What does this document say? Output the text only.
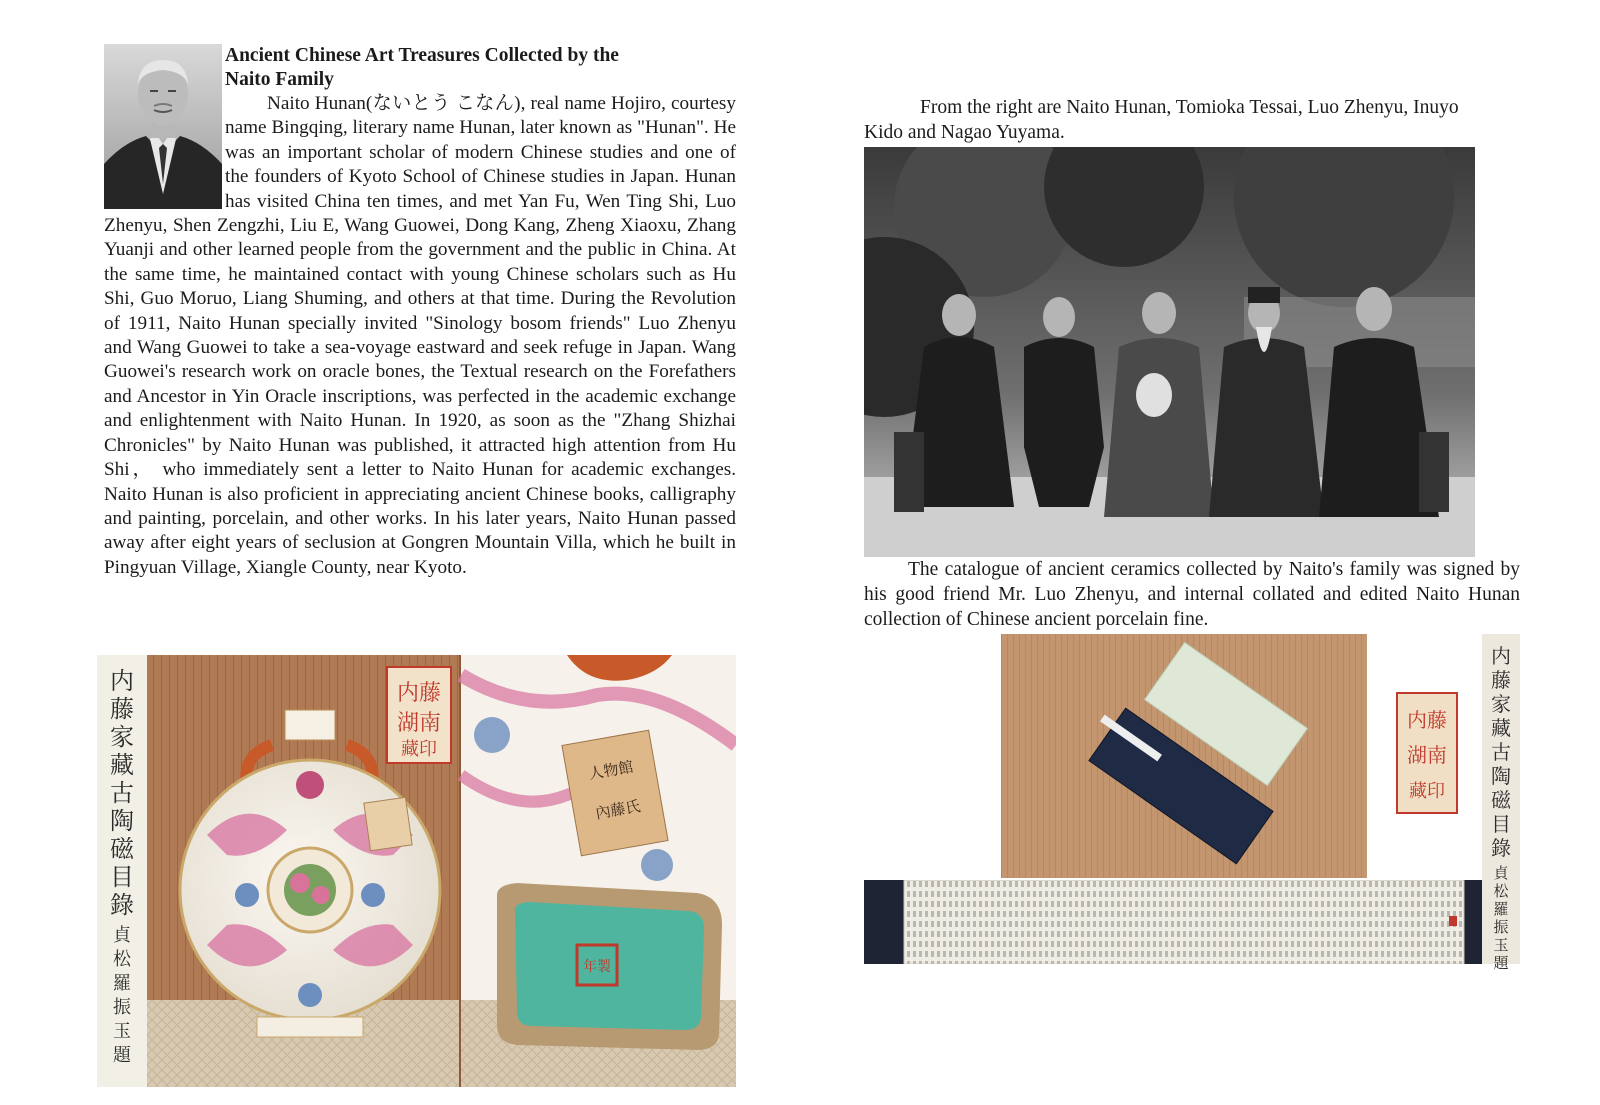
Ancient Chinese Art Treasures Collected by the
Naito Family

Naito Hunan(ないとう こなん), real name Hojiro, courtesy name Bingqing, literary name Hunan, later known as "Hunan". He was an important scholar of modern Chinese studies and one of the founders of Kyoto School of Chinese studies in Japan. Hunan has visited China ten times, and met Yan Fu, Wen Ting Shi, Luo Zhenyu, Shen Zengzhi, Liu E, Wang Guowei, Dong Kang, Zheng Xiaoxu, Zhang Yuanji and other learned people from the government and the public in China. At the same time, he maintained contact with young Chinese scholars such as Hu Shi, Guo Moruo, Liang Shuming, and others at that time. During the Revolution of 1911, Naito Hunan specially invited "Sinology bosom friends" Luo Zhenyu and Wang Guowei to take a sea-voyage eastward and seek refuge in Japan. Wang Guowei's research work on oracle bones, the Textual research on the Forefathers and Ancestor in Yin Oracle inscriptions, was perfected in the academic exchange and enlightenment with Naito Hunan. In 1920, as soon as the "Zhang Shizhai Chronicles" by Naito Hunan was published, it attracted high attention from Hu Shi， who immediately sent a letter to Naito Hunan for academic exchanges. Naito Hunan is also proficient in appreciating ancient Chinese books, calligraphy and painting, porcelain, and other works. In his later years, Naito Hunan passed away after eight years of seclusion at Gongren Mountain Villa, which he built in Pingyuan Village, Xiangle County, near Kyoto.

内藤
湖南
藏印
人物館
內藤氏
年製
内
藤
家
藏
古
陶
磁
目
錄
貞
松
羅
振
玉
題

From the right are Naito Hunan, Tomioka Tessai, Luo Zhenyu, Inuyo Kido and Nagao Yuyama.

The catalogue of ancient ceramics collected by Naito's family was signed by his good friend Mr. Luo Zhenyu, and internal collated and edited Naito Hunan collection of Chinese ancient porcelain fine.

内藤
湖南
藏印
内
藤
家
藏
古
陶
磁
目
錄
貞
松
羅
振
玉
題
